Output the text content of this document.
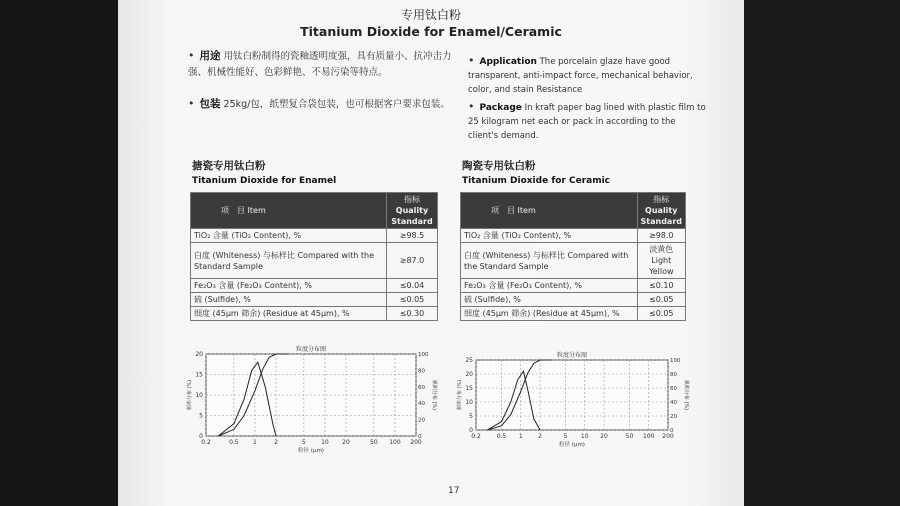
专用钛白粉
Titanium Dioxide for Enamel/Ceramic
• 用途 用钛白粉制得的瓷釉透明度强，具有质量小、抗冲击力强、机械性能好、色彩鲜艳、不易污染等特点。
• 包装 25kg/包，纸塑复合袋包装，也可根据客户要求包装。
• Application The porcelain glaze have good transparent, anti-impact force, mechanical behavior, color, and stain Resistance
• Package In kraft paper bag lined with plastic film to 25 kilogram net each or pack in according to the client's demand.
搪瓷专用钛白粉
Titanium Dioxide for Enamel
项　目 Item	指标
Quality Standard

TiO₂ 含量 (TiO₂ Content), %	≥98.5
白度 (Whiteness) 与标样比 Compared with the Standard Sample	≥87.0
Fe₂O₃ 含量 (Fe₂O₃ Content), %	≤0.04
硫 (Sulfide), %	≤0.05
细度 (45μm 筛余) (Residue at 45μm), %	≤0.30
陶瓷专用钛白粉
Titanium Dioxide for Ceramic
项　目 Item	指标
Quality Standard

TiO₂ 含量 (TiO₂ Content), %	≥98.0
白度 (Whiteness) 与标样比 Compared with the Standard Sample	淡黄色 Light Yellow
Fe₂O₃ 含量 (Fe₂O₃ Content), %	≤0.10
硫 (Sulfide), %	≤0.05
细度 (45μm 筛余) (Residue at 45μm), %	≤0.05
0.2	0.5 1	2	5	10 20	50 100 200
0
5
10
15
20
0
20
40
60
80
100
粒度分布图
粒径 (μm)
频率分布 (%)	累积分布 (%)
0.2	0.5 1	2	5 10 20	50 100 200
0
5
10
15
20
25
0
20
40
60
80
100
粒度分布图
粒径 (μm)
频率分布 (%)	累积分布 (%)
17
